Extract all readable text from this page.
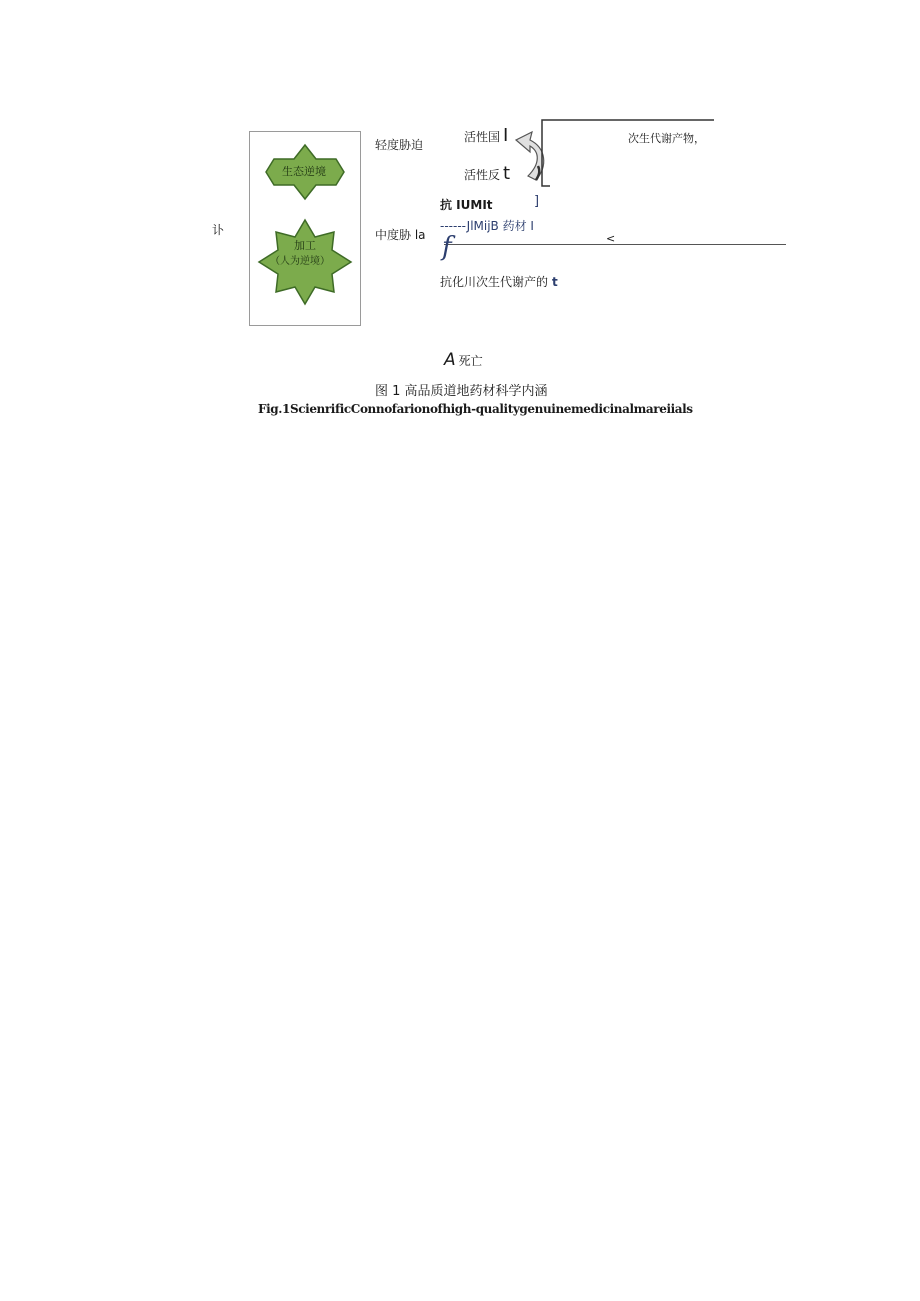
讣
生态逆境
加工
（人为逆境）
轻度胁迫
中度胁 la
活性国 I
活性反 t
次生代谢产物，
抗 IUMIt	]
------JlMijB 药材 I
f	<
抗化川次生代谢产的 t
A 死亡
图 1 高品质道地药材科学内涵
Fig.1ScienrificConnofarionofhigh-qualitygenuinemedicinalmareiials
